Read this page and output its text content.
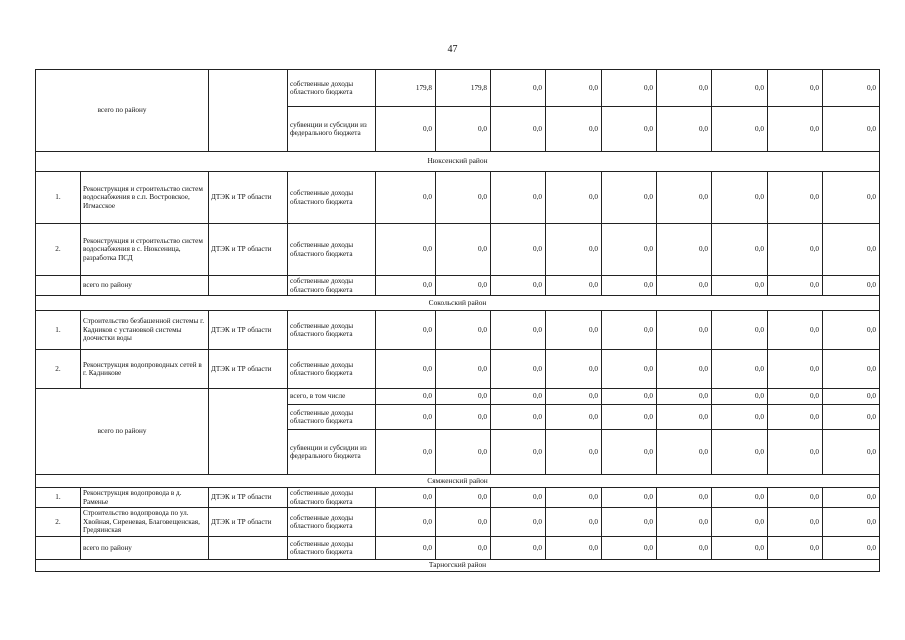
47
всего по району			собственные доходы областного бюджета	179,8	179,8	0,0	0,0	0,0	0,0	0,0	0,0	0,0
			субвенции и субсидии из федерального бюджета	0,0	0,0	0,0	0,0	0,0	0,0	0,0	0,0	0,0
Нюксенский район												
1.	Реконструкция и строительство систем водоснабжения в с.п. Востровское, Игмасское	ДТЭК и ТР области	собственные доходы областного бюджета	0,0	0,0	0,0	0,0	0,0	0,0	0,0	0,0	0,0
2.	Реконструкция и строительство систем водоснабжения в с. Нюксеница, разработка ПСД	ДТЭК и ТР области	собственные доходы областного бюджета	0,0	0,0	0,0	0,0	0,0	0,0	0,0	0,0	0,0
	всего по району		собственные доходы областного бюджета	0,0	0,0	0,0	0,0	0,0	0,0	0,0	0,0	0,0
Сокольский район												
1.	Строительство безбашенной системы г. Кадников с установкой системы доочистки воды	ДТЭК и ТР области	собственные доходы областного бюджета	0,0	0,0	0,0	0,0	0,0	0,0	0,0	0,0	0,0
2.	Реконструкция водопроводных сетей в г. Кадникове	ДТЭК и ТР области	собственные доходы областного бюджета	0,0	0,0	0,0	0,0	0,0	0,0	0,0	0,0	0,0
всего по району			всего, в том числе	0,0	0,0	0,0	0,0	0,0	0,0	0,0	0,0	0,0
			собственные доходы областного бюджета	0,0	0,0	0,0	0,0	0,0	0,0	0,0	0,0	0,0
			субвенции и субсидии из федерального бюджета	0,0	0,0	0,0	0,0	0,0	0,0	0,0	0,0	0,0
Сямженский район												
1.	Реконструкция водопровода в д. Раменье	ДТЭК и ТР области	собственные доходы областного бюджета	0,0	0,0	0,0	0,0	0,0	0,0	0,0	0,0	0,0
2.	Строительство водопровода по ул. Хвойная, Сиреневая, Благовещенская, Гредяинская	ДТЭК и ТР области	собственные доходы областного бюджета	0,0	0,0	0,0	0,0	0,0	0,0	0,0	0,0	0,0
	всего по району		собственные доходы областного бюджета	0,0	0,0	0,0	0,0	0,0	0,0	0,0	0,0	0,0
Тарногский район												
